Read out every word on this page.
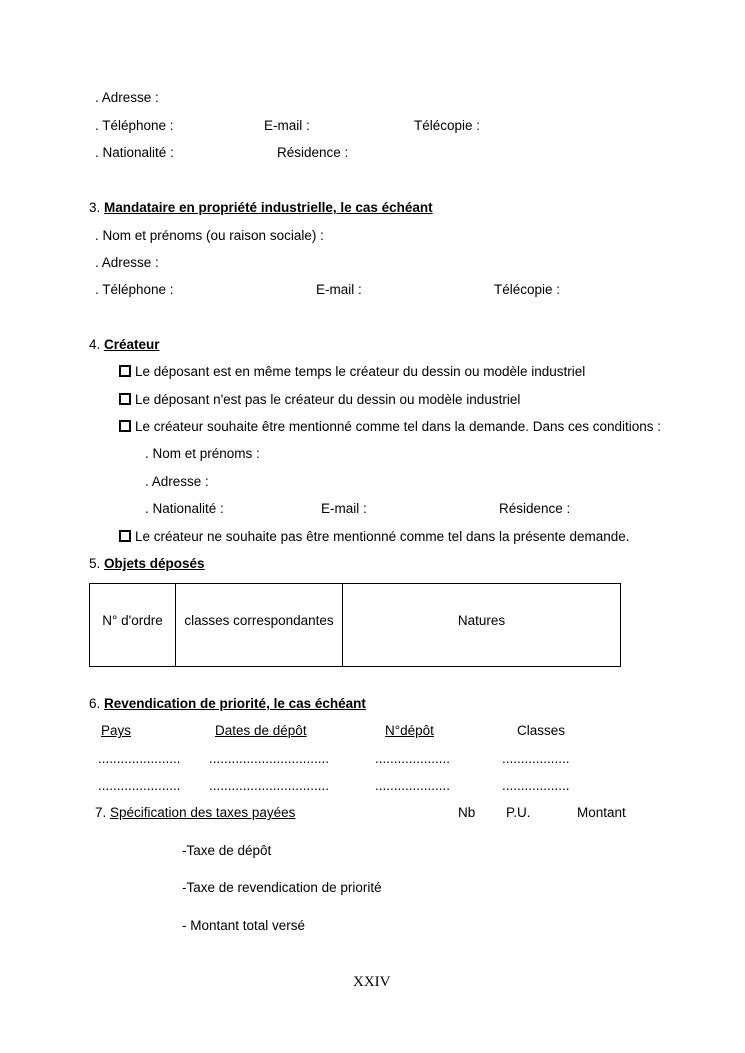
. Adresse :
. Téléphone :	E-mail :	Télécopie :
. Nationalité :	Résidence :
3. Mandataire en propriété industrielle, le cas échéant
. Nom et prénoms (ou raison sociale) :
. Adresse :
. Téléphone :	E-mail :	Télécopie :
4. Créateur
Le déposant est en même temps le créateur du dessin ou modèle industriel
Le déposant n'est pas le créateur du dessin ou modèle industriel
Le créateur souhaite être mentionné comme tel dans la demande. Dans ces conditions :
. Nom et prénoms :
. Adresse :
. Nationalité :	E-mail :	Résidence :
Le créateur ne souhaite pas être mentionné comme tel dans la présente demande.
5. Objets déposés
N° d'ordre	classes correspondantes	Natures
6. Revendication de priorité, le cas échéant
Pays	Dates de dépôt	N°dépôt	Classes
...................... ................................	....................	..................
...................... ................................	....................	..................
7. Spécification des taxes payées	Nb P.U.	Montant
-Taxe de dépôt
-Taxe de revendication de priorité
- Montant total versé
XXIV
